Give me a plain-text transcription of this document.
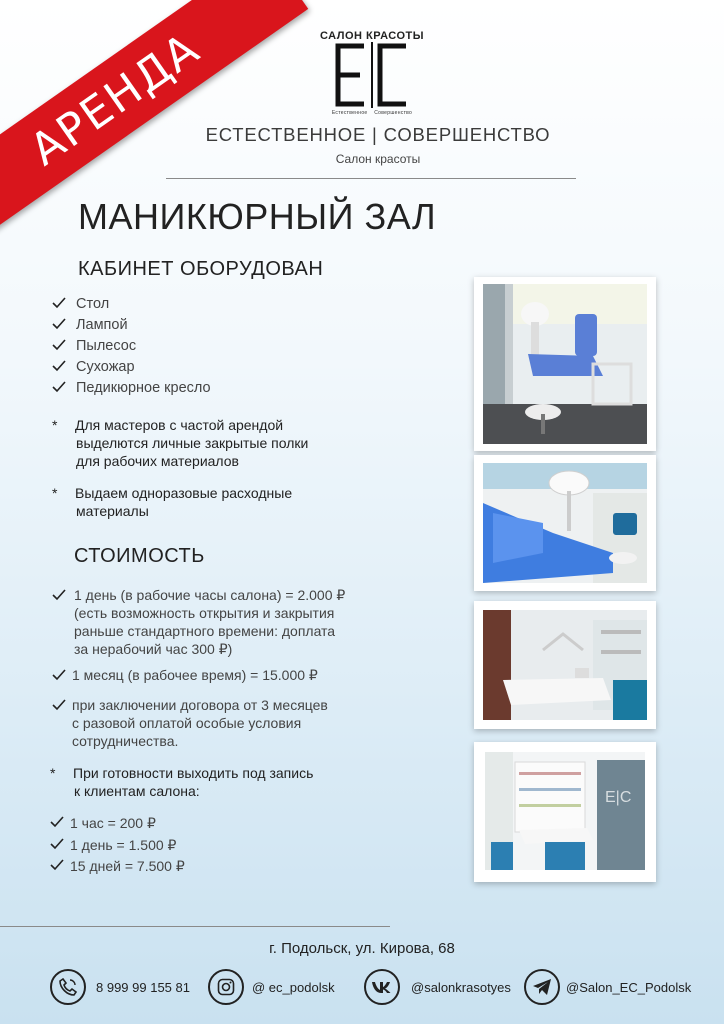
АРЕНДА	САЛОН КРАСОТЫ
Естественное Совершенство
ЕСТЕСТВЕННОЕ | СОВЕРШЕНСТВО
Салон красоты
МАНИКЮРНЫЙ ЗАЛ
КАБИНЕТ ОБОРУДОВАН
Стол
Лампой
Пылесос
Сухожар
Педикюрное кресло
*	Для мастеров с частой арендой
выделются личные закрытые полки
для рабочих материалов
*	Выдаем одноразовые расходные
материалы
СТОИМОСТЬ
1 день (в рабочие часы салона) = 2.000 ₽
(есть возможность открытия и закрытия
раньше стандартного времени: доплата
за нерабочий час 300 ₽)
1 месяц (в рабочее время) = 15.000 ₽
при заключении договора от 3 месяцев
с разовой оплатой особые условия
сотрудничества.
*	При готовности выходить под запись
к клиентам салона:
1 час = 200 ₽
1 день = 1.500 ₽
15 дней = 7.500 ₽
E|C
г. Подольск, ул. Кирова, 68
8 999 99 155 81	@ ec_podolsk	@salonkrasotyes	@Salon_EC_Podolsk
